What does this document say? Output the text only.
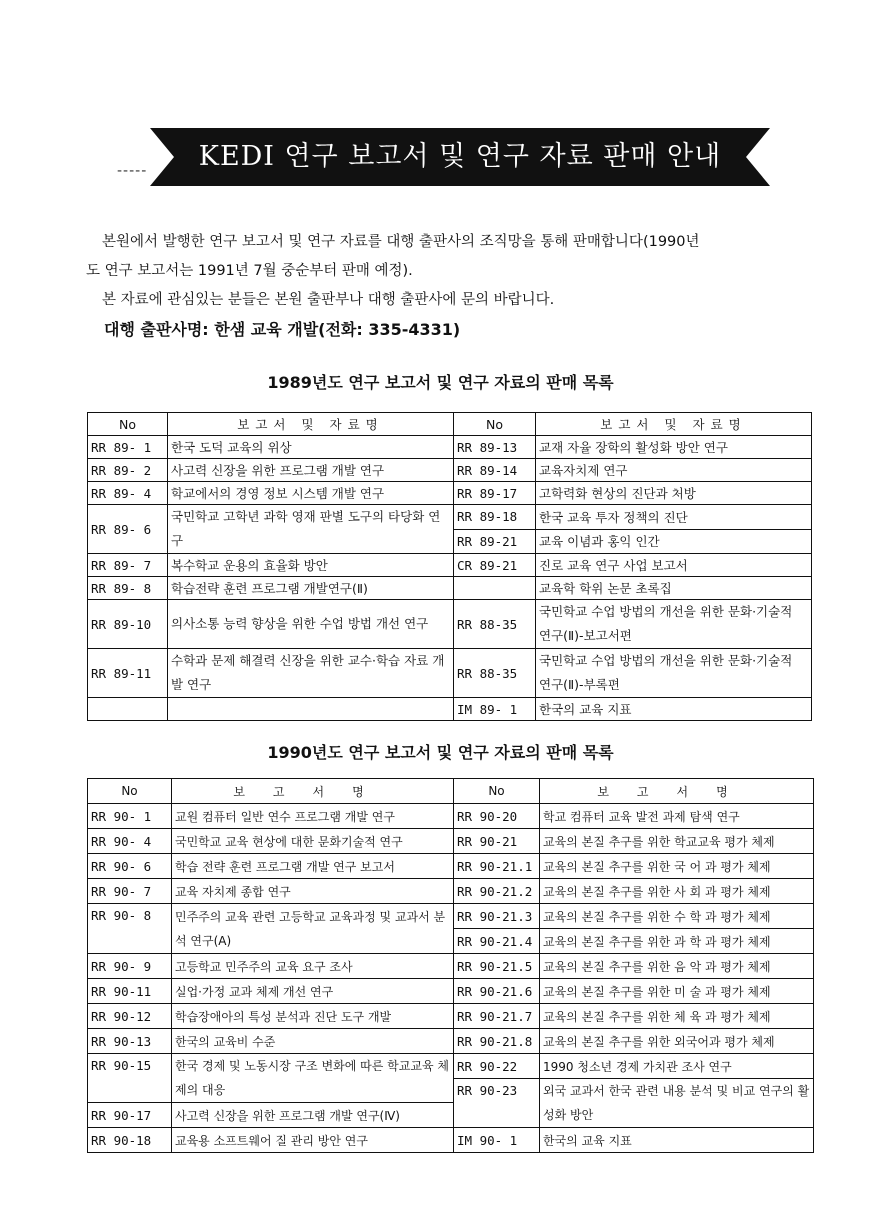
-----	KEDI 연구 보고서 및 연구 자료 판매 안내

본원에서 발행한 연구 보고서 및 연구 자료를 대행 출판사의 조직망을 통해 판매합니다(1990년

도 연구 보고서는 1991년 7월 중순부터 판매 예정).

본 자료에 관심있는 분들은 본원 출판부나 대행 출판사에 문의 바랍니다.

대행 출판사명: 한샘 교육 개발(전화: 335-4331)

1989년도 연구 보고서 및 연구 자료의 판매 목록
No	보고서 및 자료명	No	보고서 및 자료명
RR 89- 1	한국 도덕 교육의 위상	RR 89-13	교재 자율 장학의 활성화 방안 연구
RR 89- 2	사고력 신장을 위한 프로그램 개발 연구	RR 89-14	교육자치제 연구
RR 89- 4	학교에서의 경영 정보 시스템 개발 연구	RR 89-17	고학력화 현상의 진단과 처방
RR 89- 6	국민학교 고학년 과학 영재 판별 도구의 타당화 연구	RR 89-18	한국 교육 투자 정책의 진단
		RR 89-21	교육 이념과 홍익 인간
RR 89- 7	복수학교 운용의 효율화 방안	CR 89-21	진로 교육 연구 사업 보고서
RR 89- 8	학습전략 훈련 프로그램 개발연구(Ⅱ)		교육학 학위 논문 초록집
RR 89-10	의사소통 능력 향상을 위한 수업 방법 개선 연구	RR 88-35	국민학교 수업 방법의 개선을 위한 문화·기술적 연구(Ⅱ)-보고서편
RR 89-11	수학과 문제 해결력 신장을 위한 교수·학습 자료 개발 연구	RR 88-35	국민학교 수업 방법의 개선을 위한 문화·기술적 연구(Ⅱ)-부록편
		IM 89- 1	한국의 교육 지표
1990년도 연구 보고서 및 연구 자료의 판매 목록
No	보고서명	No	보고서명
RR 90- 1	교원 컴퓨터 일반 연수 프로그램 개발 연구	RR 90-20	학교 컴퓨터 교육 발전 과제 탐색 연구
RR 90- 4	국민학교 교육 현상에 대한 문화기술적 연구	RR 90-21	교육의 본질 추구를 위한 학교교육 평가 체제
RR 90- 6	학습 전략 훈련 프로그램 개발 연구 보고서	RR 90-21.1	교육의 본질 추구를 위한 국 어 과 평가 체제
RR 90- 7	교육 자치제 종합 연구	RR 90-21.2	교육의 본질 추구를 위한 사 회 과 평가 체제
RR 90- 8	민주주의 교육 관련 고등학교 교육과정 및 교과서 분석 연구(A)	RR 90-21.3	교육의 본질 추구를 위한 수 학 과 평가 체제
		RR 90-21.4	교육의 본질 추구를 위한 과 학 과 평가 체제
RR 90- 9	고등학교 민주주의 교육 요구 조사	RR 90-21.5	교육의 본질 추구를 위한 음 악 과 평가 체제
RR 90-11	실업·가정 교과 체제 개선 연구	RR 90-21.6	교육의 본질 추구를 위한 미 술 과 평가 체제
RR 90-12	학습장애아의 특성 분석과 진단 도구 개발	RR 90-21.7	교육의 본질 추구를 위한 체 육 과 평가 체제
RR 90-13	한국의 교육비 수준	RR 90-21.8	교육의 본질 추구를 위한 외국어과 평가 체제
RR 90-15	한국 경제 및 노동시장 구조 변화에 따른 학교교육 체제의 대응	RR 90-22	1990 청소년 경제 가치관 조사 연구
		RR 90-23	외국 교과서 한국 관련 내용 분석 및 비교 연구의 활성화 방안
RR 90-17	사고력 신장을 위한 프로그램 개발 연구(Ⅳ)		
RR 90-18	교육용 소프트웨어 질 관리 방안 연구	IM 90- 1	한국의 교육 지표
